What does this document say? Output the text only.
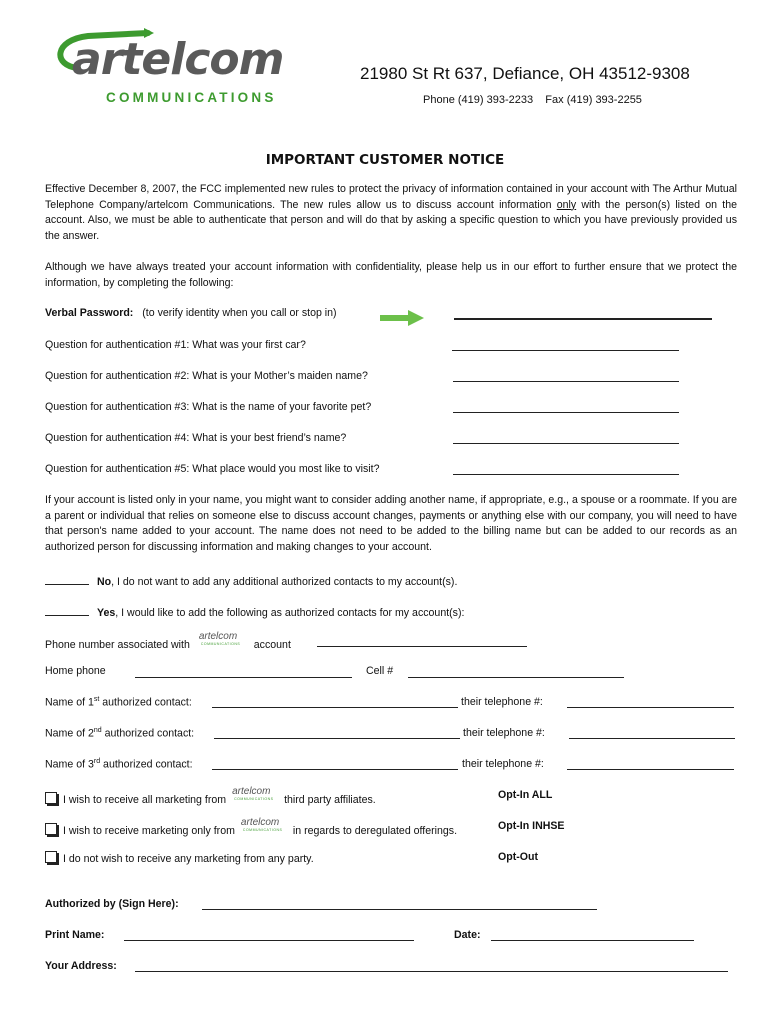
artelcom
COMMUNICATIONS
21980 St Rt 637, Defiance, OH 43512-9308
Phone (419) 393-2233    Fax (419) 393-2255
IMPORTANT CUSTOMER NOTICE
Effective December 8, 2007, the FCC implemented new rules to protect the privacy of information contained in your account with The Arthur Mutual Telephone Company/artelcom Communications. The new rules allow us to discuss account information only with the person(s) listed on the account. Also, we must be able to authenticate that person and will do that by asking a specific question to which you have previously provided us the answer.
Although we have always treated your account information with confidentiality, please help us in our effort to further ensure that we protect the information, by completing the following:
Verbal Password: (to verify identity when you call or stop in)
Question for authentication #1: What was your first car?
Question for authentication #2: What is your Mother’s maiden name?
Question for authentication #3: What is the name of your favorite pet?
Question for authentication #4: What is your best friend’s name?
Question for authentication #5: What place would you most like to visit?
If your account is listed only in your name, you might want to consider adding another name, if appropriate, e.g., a spouse or a roommate. If you are a parent or individual that relies on someone else to discuss account changes, payments or anything else with our company, you will need to have that person's name added to your account. The name does not need to be added to the billing name but can be added to our records as an authorized person for discussing information and making changes to your account.
No, I do not want to add any additional authorized contacts to my account(s).
Yes, I would like to add the following as authorized contacts for my account(s):
Phone number associated with
artelcom
COMMUNICATIONS account
Home phone	Cell #
Name of 1st authorized contact:	their telephone #:
Name of 2nd authorized contact:	their telephone #:
Name of 3rd authorized contact:	their telephone #:
I wish to receive all marketing from
artelcom
COMMUNICATIONS third party affiliates.	Opt-In ALL
I wish to receive marketing only from
artelcom
COMMUNICATIONS in regards to deregulated offerings.	Opt-In INHSE
I do not wish to receive any marketing from any party.	Opt-Out
Authorized by (Sign Here):
Print Name:	Date:
Your Address:
